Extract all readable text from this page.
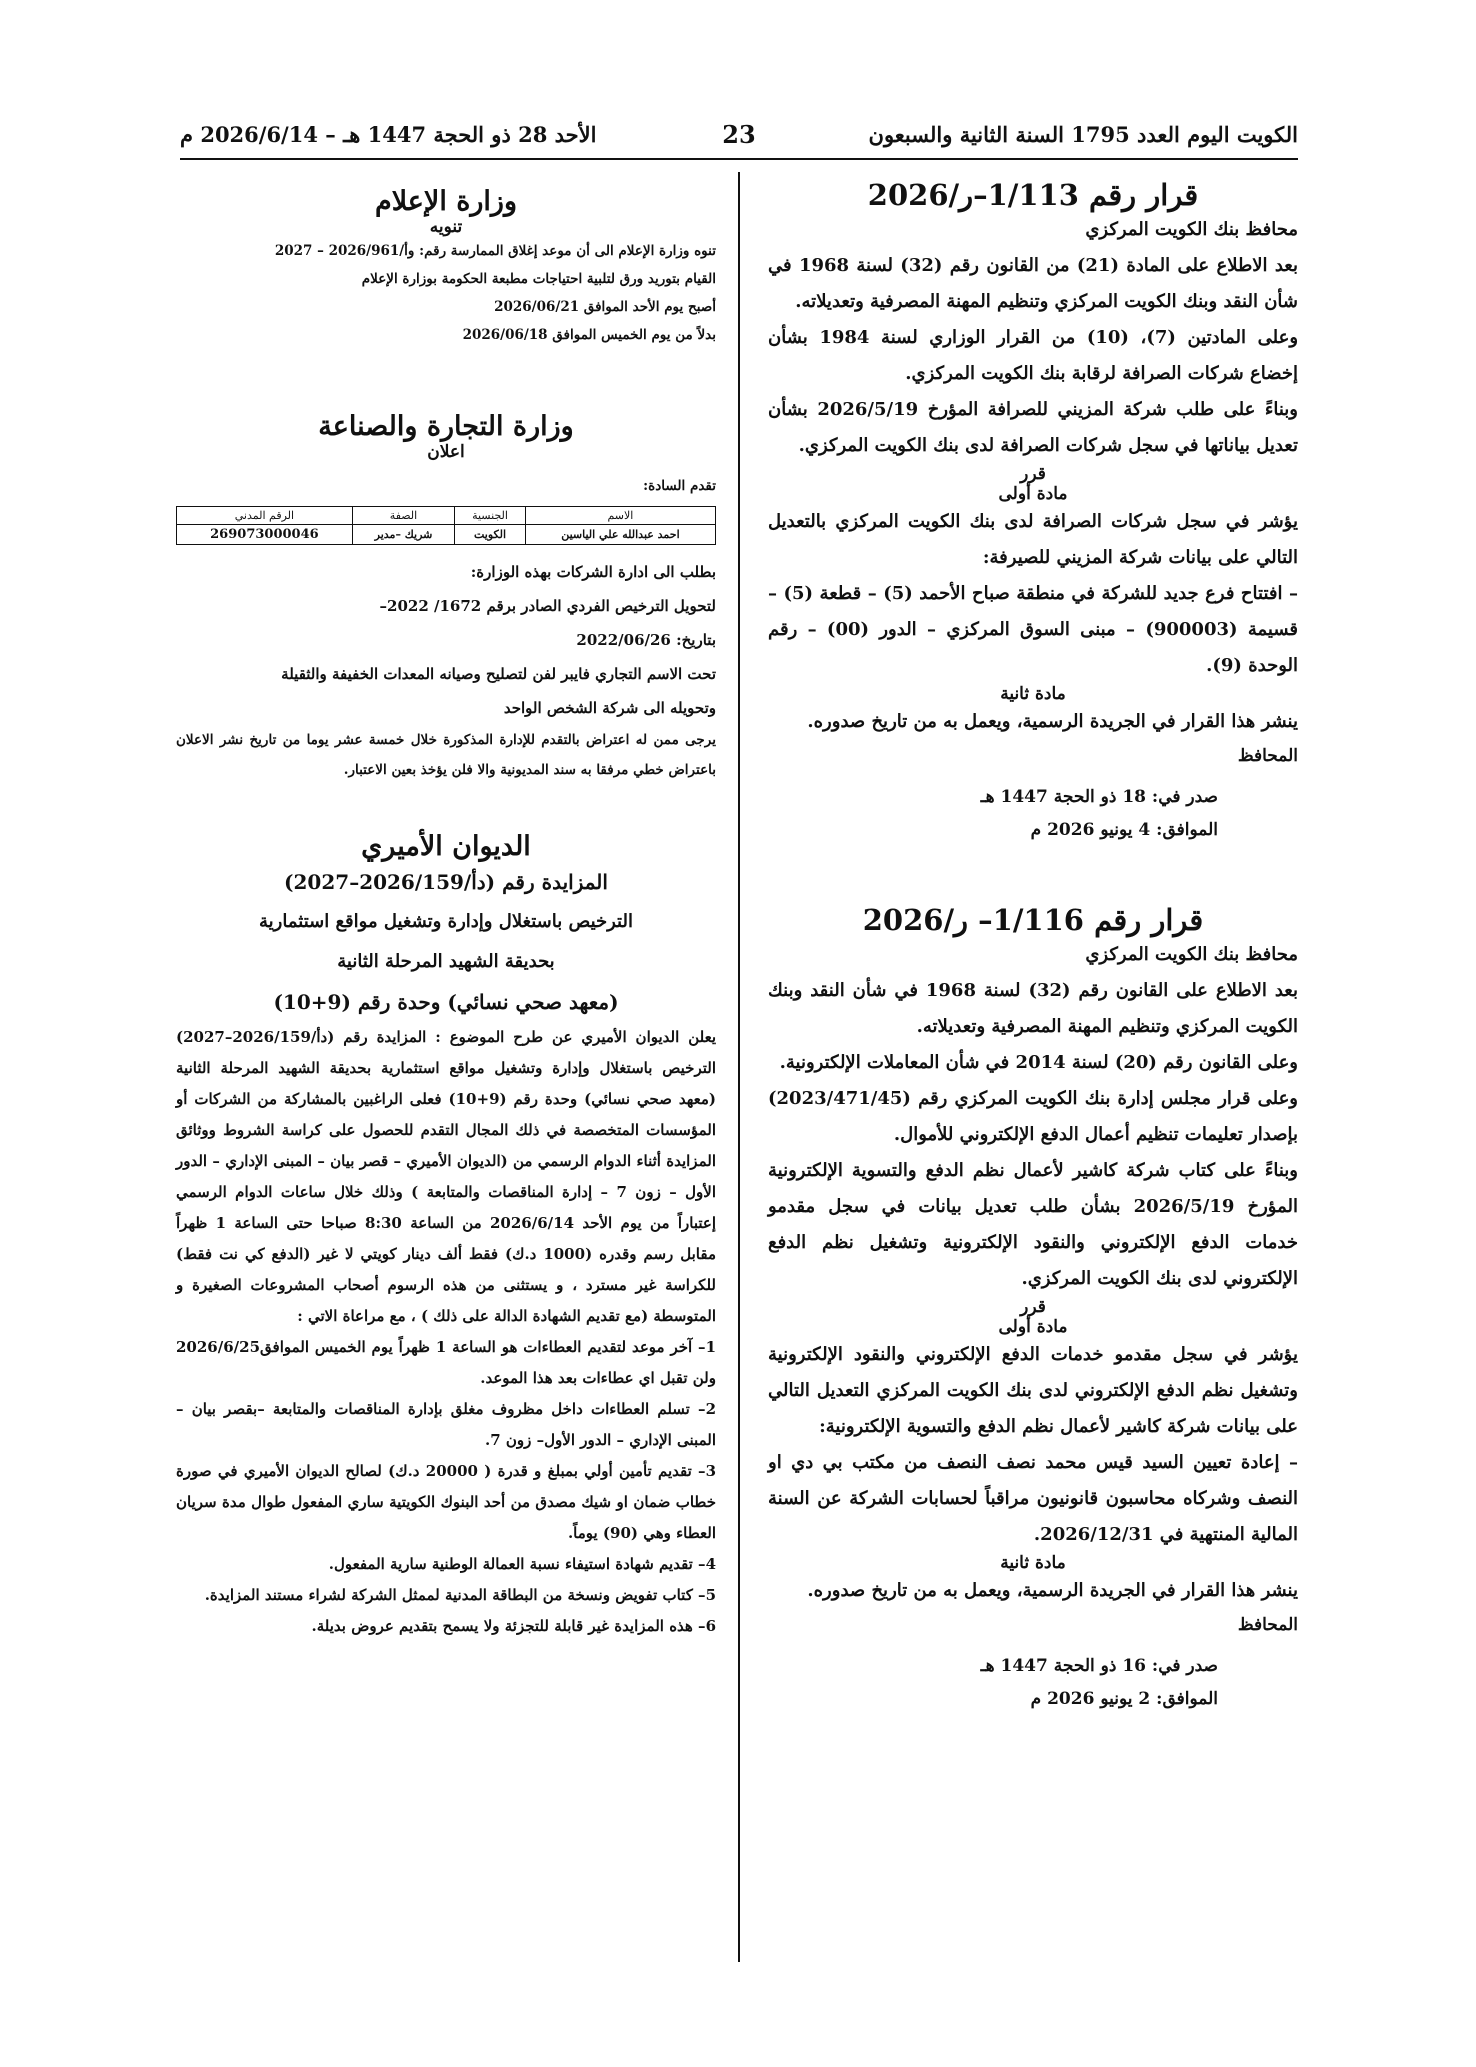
الكويت اليوم العدد 1795 السنة الثانية والسبعون
23
الأحد 28 ذو الحجة 1447 هـ – 2026/6/14 م
قرار رقم 1/113–ر/2026

محافظ بنك الكويت المركزي

بعد الاطلاع على المادة (21) من القانون رقم (32) لسنة 1968 في شأن النقد وبنك الكويت المركزي وتنظيم المهنة المصرفية وتعديلاته.

وعلى المادتين (7)، (10) من القرار الوزاري لسنة 1984 بشأن إخضاع شركات الصرافة لرقابة بنك الكويت المركزي.

وبناءً على طلب شركة المزيني للصرافة المؤرخ 2026/5/19 بشأن تعديل بياناتها في سجل شركات الصرافة لدى بنك الكويت المركزي.

قرر
مادة أولى

يؤشر في سجل شركات الصرافة لدى بنك الكويت المركزي بالتعديل التالي على بيانات شركة المزيني للصيرفة:

– افتتاح فرع جديد للشركة في منطقة صباح الأحمد (5) – قطعة (5) – قسيمة (900003) – مبنى السوق المركزي – الدور (00) – رقم الوحدة (9).

مادة ثانية

ينشر هذا القرار في الجريدة الرسمية، ويعمل به من تاريخ صدوره.

المحافظ

صدر في: 18 ذو الحجة 1447 هـ

الموافق: 4 يونيو 2026 م

قرار رقم 1/116– ر/2026

محافظ بنك الكويت المركزي

بعد الاطلاع على القانون رقم (32) لسنة 1968 في شأن النقد وبنك الكويت المركزي وتنظيم المهنة المصرفية وتعديلاته.

وعلى القانون رقم (20) لسنة 2014 في شأن المعاملات الإلكترونية.

وعلى قرار مجلس إدارة بنك الكويت المركزي رقم (2023/471/45) بإصدار تعليمات تنظيم أعمال الدفع الإلكتروني للأموال.

وبناءً على كتاب شركة كاشير لأعمال نظم الدفع والتسوية الإلكترونية المؤرخ 2026/5/19 بشأن طلب تعديل بيانات في سجل مقدمو خدمات الدفع الإلكتروني والنقود الإلكترونية وتشغيل نظم الدفع الإلكتروني لدى بنك الكويت المركزي.

قرر
مادة أولى

يؤشر في سجل مقدمو خدمات الدفع الإلكتروني والنقود الإلكترونية وتشغيل نظم الدفع الإلكتروني لدى بنك الكويت المركزي التعديل التالي على بيانات شركة كاشير لأعمال نظم الدفع والتسوية الإلكترونية:

– إعادة تعيين السيد قيس محمد نصف النصف من مكتب بي دي او النصف وشركاه محاسبون قانونيون مراقباً لحسابات الشركة عن السنة المالية المنتهية في 2026/12/31.

مادة ثانية

ينشر هذا القرار في الجريدة الرسمية، ويعمل به من تاريخ صدوره.

المحافظ

صدر في: 16 ذو الحجة 1447 هـ

الموافق: 2 يونيو 2026 م

وزارة الإعلام
تنويه

تنوه وزارة الإعلام الى أن موعد إغلاق الممارسة رقم: وأ/2026/961 – 2027

القيام بتوريد ورق لتلبية احتياجات مطبعة الحكومة بوزارة الإعلام

أصبح يوم الأحد الموافق 2026/06/21

بدلاً من يوم الخميس الموافق 2026/06/18

وزارة التجارة والصناعة
اعلان

تقدم السادة:

الاسم	الجنسية	الصفة	الرقم المدني
احمد عبدالله علي الياسين	الكويت	شريك –مدير	269073000046

بطلب الى ادارة الشركات بهذه الوزارة:

لتحويل الترخيص الفردي الصادر برقم 1672/ 2022–

بتاريخ: 2022/06/26

تحت الاسم التجاري فايبر لفن لتصليح وصيانه المعدات الخفيفة والثقيلة

وتحويله الى شركة الشخص الواحد

يرجى ممن له اعتراض بالتقدم للإدارة المذكورة خلال خمسة عشر يوما من تاريخ نشر الاعلان باعتراض خطي مرفقا به سند المديونية والا فلن يؤخذ بعين الاعتبار.

الديوان الأميري
المزايدة رقم (دأ/2026/159–2027)
الترخيص باستغلال وإدارة وتشغيل مواقع استثمارية
بحديقة الشهيد المرحلة الثانية
(معهد صحي نسائي) وحدة رقم (9+10)

يعلن الديوان الأميري عن طرح الموضوع : المزايدة رقم (دأ/2026/159–2027) الترخيص باستغلال وإدارة وتشغيل مواقع استثمارية بحديقة الشهيد المرحلة الثانية (معهد صحي نسائي) وحدة رقم (9+10) فعلى الراغبين بالمشاركة من الشركات أو المؤسسات المتخصصة في ذلك المجال التقدم للحصول على كراسة الشروط ووثائق المزايدة أثناء الدوام الرسمي من (الديوان الأميري – قصر بيان – المبنى الإداري – الدور الأول – زون 7 – إدارة المناقصات والمتابعة ) وذلك خلال ساعات الدوام الرسمي إعتباراً من يوم الأحد 2026/6/14 من الساعة 8:30 صباحا حتى الساعة 1 ظهراً مقابل رسم وقدره (1000 د.ك) فقط ألف دينار كويتي لا غير (الدفع كي نت فقط) للكراسة غير مسترد ، و يستثنى من هذه الرسوم أصحاب المشروعات الصغيرة و المتوسطة (مع تقديم الشهادة الدالة على ذلك ) ، مع مراعاة الاتي :

1– آخر موعد لتقديم العطاءات هو الساعة 1 ظهراً يوم الخميس الموافق2026/6/25 ولن تقبل اي عطاءات بعد هذا الموعد.

2– تسلم العطاءات داخل مظروف مغلق بإدارة المناقصات والمتابعة –بقصر بيان – المبنى الإداري – الدور الأول– زون 7.

3– تقديم تأمين أولي بمبلغ و قدرة ( 20000 د.ك) لصالح الديوان الأميري في صورة خطاب ضمان او شيك مصدق من أحد البنوك الكويتية ساري المفعول طوال مدة سريان العطاء وهي (90) يوماً.

4– تقديم شهادة استيفاء نسبة العمالة الوطنية سارية المفعول.

5– كتاب تفويض ونسخة من البطاقة المدنية لممثل الشركة لشراء مستند المزايدة.

6– هذه المزايدة غير قابلة للتجزئة ولا يسمح بتقديم عروض بديلة.
